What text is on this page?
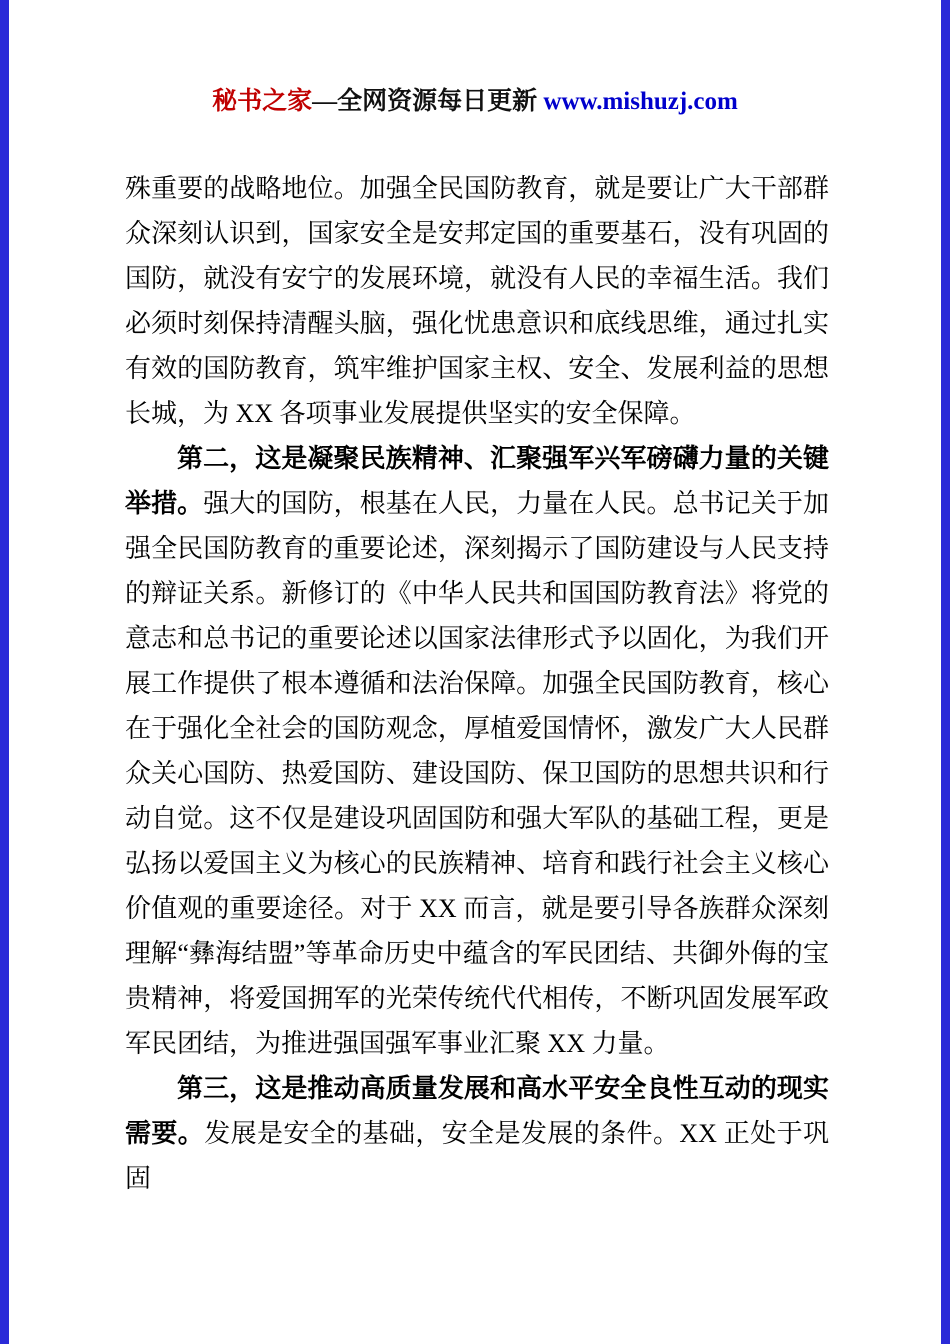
秘书之家—全网资源每日更新 www.mishuzj.com

殊重要的战略地位。加强全民国防教育，就是要让广大干部群众深刻认识到，国家安全是安邦定国的重要基石，没有巩固的国防，就没有安宁的发展环境，就没有人民的幸福生活。我们必须时刻保持清醒头脑，强化忧患意识和底线思维，通过扎实有效的国防教育，筑牢维护国家主权、安全、发展利益的思想长城，为 XX 各项事业发展提供坚实的安全保障。

第二，这是凝聚民族精神、汇聚强军兴军磅礴力量的关键举措。强大的国防，根基在人民，力量在人民。总书记关于加强全民国防教育的重要论述，深刻揭示了国防建设与人民支持的辩证关系。新修订的《中华人民共和国国防教育法》将党的意志和总书记的重要论述以国家法律形式予以固化，为我们开展工作提供了根本遵循和法治保障。加强全民国防教育，核心在于强化全社会的国防观念，厚植爱国情怀，激发广大人民群众关心国防、热爱国防、建设国防、保卫国防的思想共识和行动自觉。这不仅是建设巩固国防和强大军队的基础工程，更是弘扬以爱国主义为核心的民族精神、培育和践行社会主义核心价值观的重要途径。对于 XX 而言，就是要引导各族群众深刻理解“彝海结盟”等革命历史中蕴含的军民团结、共御外侮的宝贵精神，将爱国拥军的光荣传统代代相传，不断巩固发展军政军民团结，为推进强国强军事业汇聚 XX 力量。

第三，这是推动高质量发展和高水平安全良性互动的现实需要。发展是安全的基础，安全是发展的条件。XX 正处于巩固
